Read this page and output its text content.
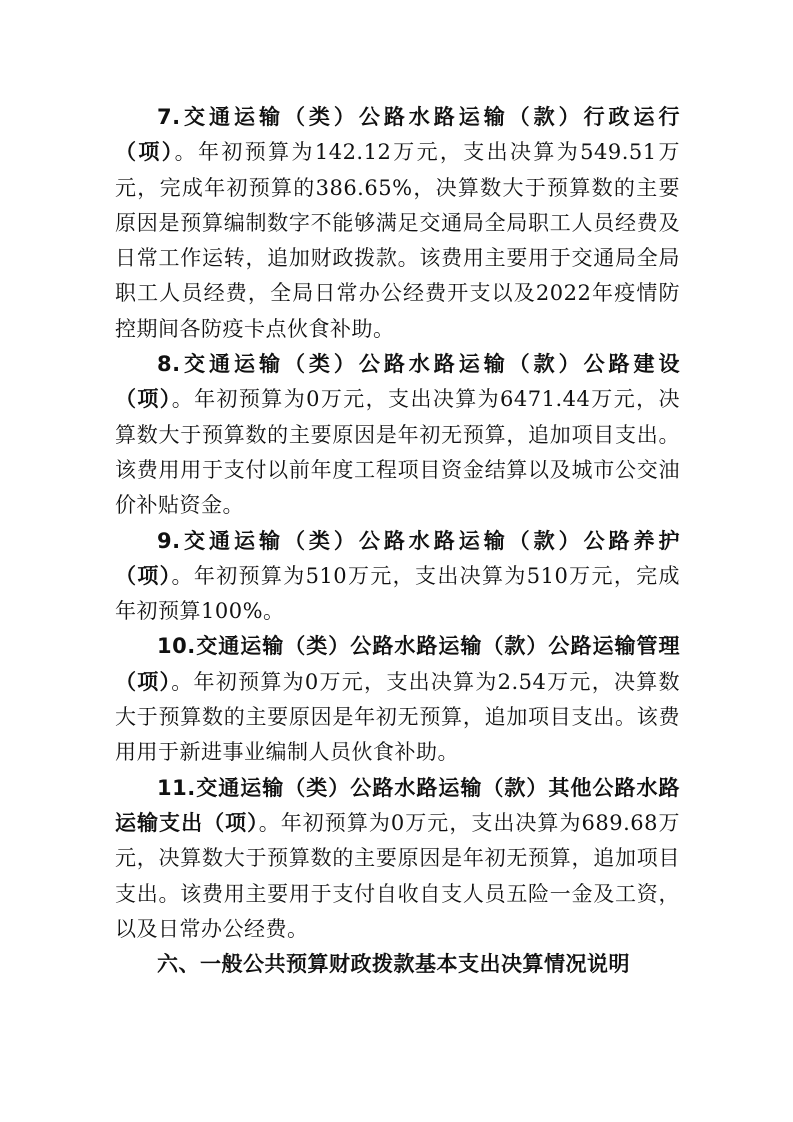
7.交通运输（类）公路水路运输（款）行政运行（项）。年初预算为142.12万元，支出决算为549.51万元，完成年初预算的386.65%，决算数大于预算数的主要原因是预算编制数字不能够满足交通局全局职工人员经费及日常工作运转，追加财政拨款。该费用主要用于交通局全局职工人员经费，全局日常办公经费开支以及2022年疫情防控期间各防疫卡点伙食补助。

8.交通运输（类）公路水路运输（款）公路建设（项）。年初预算为0万元，支出决算为6471.44万元，决算数大于预算数的主要原因是年初无预算，追加项目支出。该费用用于支付以前年度工程项目资金结算以及城市公交油价补贴资金。

9.交通运输（类）公路水路运输（款）公路养护（项）。年初预算为510万元，支出决算为510万元，完成年初预算100%。

10.交通运输（类）公路水路运输（款）公路运输管理（项）。年初预算为0万元，支出决算为2.54万元，决算数大于预算数的主要原因是年初无预算，追加项目支出。该费用用于新进事业编制人员伙食补助。

11.交通运输（类）公路水路运输（款）其他公路水路运输支出（项）。年初预算为0万元，支出决算为689.68万元，决算数大于预算数的主要原因是年初无预算，追加项目支出。该费用主要用于支付自收自支人员五险一金及工资，以及日常办公经费。

六、一般公共预算财政拨款基本支出决算情况说明
